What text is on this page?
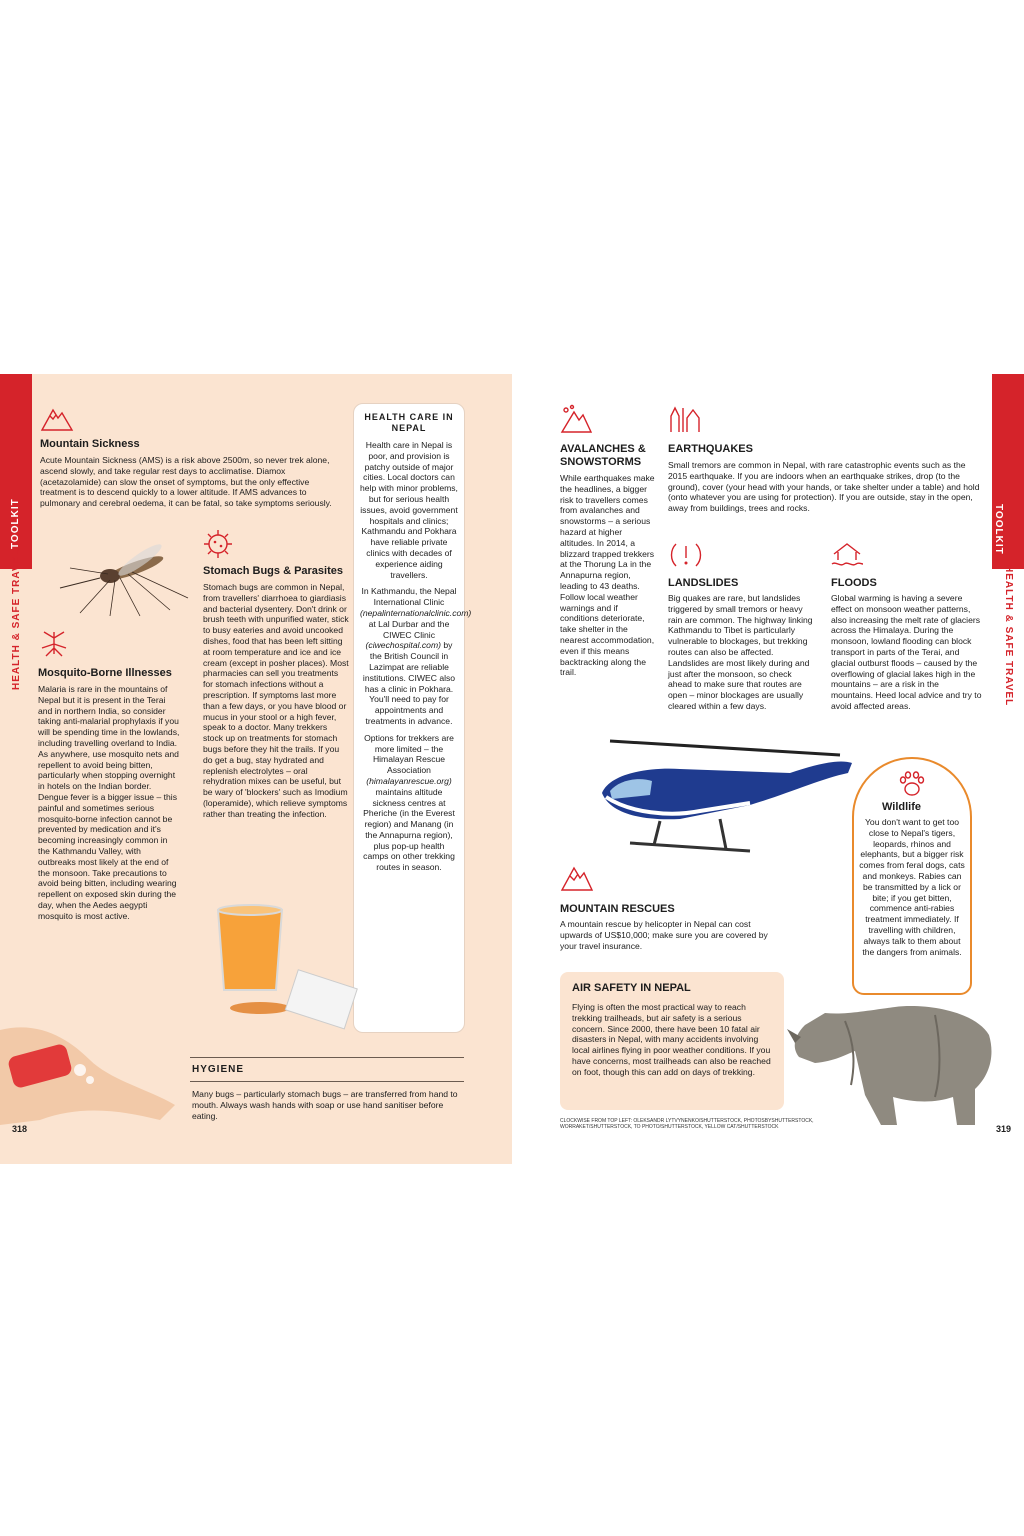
TOOLKIT
HEALTH & SAFE TRAVEL
Mountain Sickness

Acute Mountain Sickness (AMS) is a risk above 2500m, so never trek alone, ascend slowly, and take regular rest days to acclimatise. Diamox (acetazolamide) can slow the onset of symptoms, but the only effective treatment is to descend quickly to a lower altitude. If AMS advances to pulmonary and cerebral oedema, it can be fatal, so take symptoms seriously.

Mosquito-Borne Illnesses

Malaria is rare in the mountains of Nepal but it is present in the Terai and in northern India, so consider taking anti-malarial prophylaxis if you will be spending time in the lowlands, including travelling overland to India. As anywhere, use mosquito nets and repellent to avoid being bitten, particularly when stopping overnight in hotels on the Indian border. Dengue fever is a bigger issue – this painful and sometimes serious mosquito-borne infection cannot be prevented by medication and it's becoming increasingly common in the Kathmandu Valley, with outbreaks most likely at the end of the monsoon. Take precautions to avoid being bitten, including wearing repellent on exposed skin during the day, when the Aedes aegypti mosquito is most active.

Stomach Bugs & Parasites

Stomach bugs are common in Nepal, from travellers' diarrhoea to giardiasis and bacterial dysentery. Don't drink or brush teeth with unpurified water, stick to busy eateries and avoid uncooked dishes, food that has been left sitting at room temperature and ice and ice cream (except in posher places). Most pharmacies can sell you treatments for stomach infections without a prescription. If symptoms last more than a few days, or you have blood or mucus in your stool or a high fever, speak to a doctor. Many trekkers stock up on treatments for stomach bugs before they hit the trails. If you do get a bug, stay hydrated and replenish electrolytes – oral rehydration mixes can be useful, but be wary of 'blockers' such as Imodium (loperamide), which relieve symptoms rather than treating the infection.

HEALTH CARE IN NEPAL

Health care in Nepal is poor, and provision is patchy outside of major cities. Local doctors can help with minor problems, but for serious health issues, avoid government hospitals and clinics; Kathmandu and Pokhara have reliable private clinics with decades of experience aiding travellers.

In Kathmandu, the Nepal International Clinic (nepalinternationalclinic.com) at Lal Durbar and the CIWEC Clinic (ciwechospital.com) by the British Council in Lazimpat are reliable institutions. CIWEC also has a clinic in Pokhara. You'll need to pay for appointments and treatments in advance.

Options for trekkers are more limited – the Himalayan Rescue Association (himalayanrescue.org) maintains altitude sickness centres at Pheriche (in the Everest region) and Manang (in the Annapurna region), plus pop-up health camps on other trekking routes in season.

HYGIENE

Many bugs – particularly stomach bugs – are transferred from hand to mouth. Always wash hands with soap or use hand sanitiser before eating.

318
TOOLKIT
HEALTH & SAFE TRAVEL
AVALANCHES & SNOWSTORMS

While earthquakes make the headlines, a bigger risk to travellers comes from avalanches and snowstorms – a serious hazard at higher altitudes. In 2014, a blizzard trapped trekkers at the Thorung La in the Annapurna region, leading to 43 deaths. Follow local weather warnings and if conditions deteriorate, take shelter in the nearest accommodation, even if this means backtracking along the trail.

EARTHQUAKES

Small tremors are common in Nepal, with rare catastrophic events such as the 2015 earthquake. If you are indoors when an earthquake strikes, drop (to the ground), cover (your head with your hands, or take shelter under a table) and hold (onto whatever you are using for protection). If you are outside, stay in the open, away from buildings, trees and rocks.

LANDSLIDES

Big quakes are rare, but landslides triggered by small tremors or heavy rain are common. The highway linking Kathmandu to Tibet is particularly vulnerable to blockages, but trekking routes can also be affected. Landslides are most likely during and just after the monsoon, so check ahead to make sure that routes are open – minor blockages are usually cleared within a few days.

FLOODS

Global warming is having a severe effect on monsoon weather patterns, also increasing the melt rate of glaciers across the Himalaya. During the monsoon, lowland flooding can block transport in parts of the Terai, and glacial outburst floods – caused by the overflowing of glacial lakes high in the mountains – are a risk in the mountains. Heed local advice and try to avoid affected areas.

Wildlife

You don't want to get too close to Nepal's tigers, leopards, rhinos and elephants, but a bigger risk comes from feral dogs, cats and monkeys. Rabies can be transmitted by a lick or bite; if you get bitten, commence anti-rabies treatment immediately. If travelling with children, always talk to them about the dangers from animals.

MOUNTAIN RESCUES

A mountain rescue by helicopter in Nepal can cost upwards of US$10,000; make sure you are covered by your travel insurance.

AIR SAFETY IN NEPAL

Flying is often the most practical way to reach trekking trailheads, but air safety is a serious concern. Since 2000, there have been 10 fatal air disasters in Nepal, with many accidents involving local airlines flying in poor weather conditions. If you have concerns, most trailheads can also be reached on foot, though this can add on days of trekking.

CLOCKWISE FROM TOP LEFT: OLEKSANDR LYTVYNENKO/SHUTTERSTOCK, PHOTOSBYSHUTTERSTOCK, WORRAKET/SHUTTERSTOCK, TO PHOTO/SHUTTERSTOCK, YELLOW CAT/SHUTTERSTOCK	319
